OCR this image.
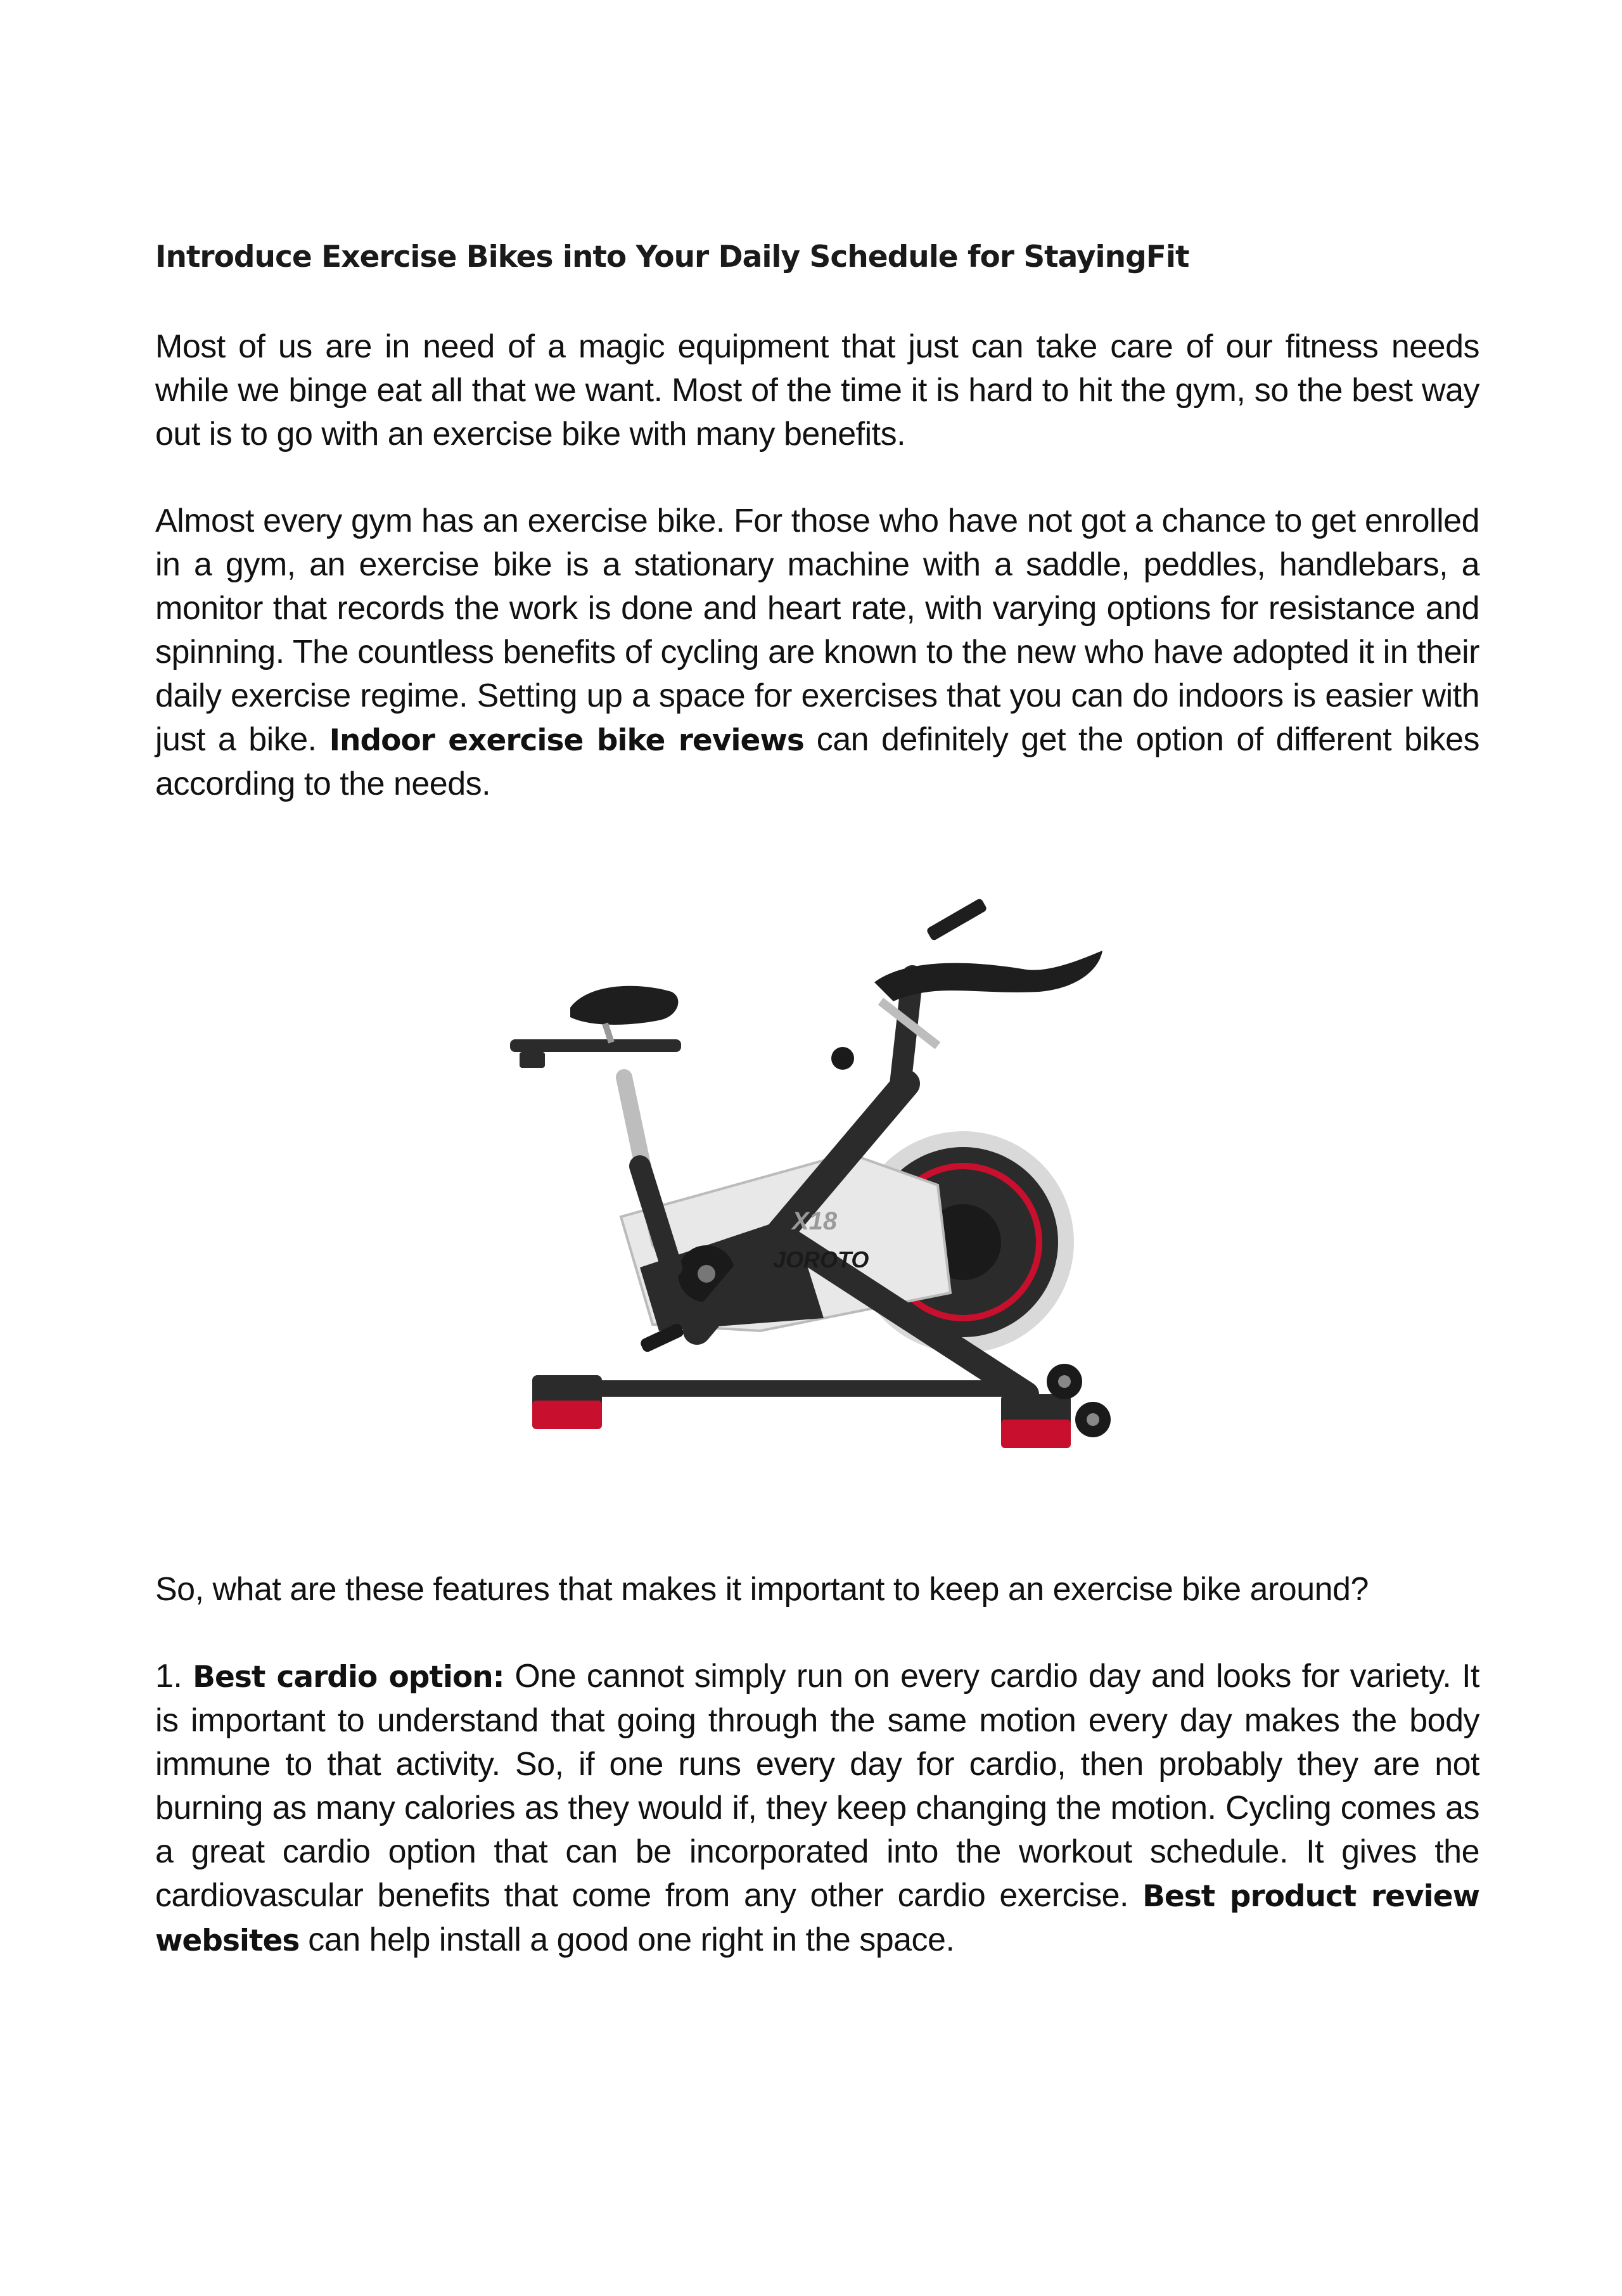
Introduce Exercise Bikes into Your Daily Schedule for StayingFit

Most of us are in need of a magic equipment that just can take care of our fitness needs while we binge eat all that we want. Most of the time it is hard to hit the gym, so the best way out is to go with an exercise bike with many benefits.

Almost every gym has an exercise bike. For those who have not got a chance to get enrolled in a gym, an exercise bike is a stationary machine with a saddle, peddles, handlebars, a monitor that records the work is done and heart rate, with varying options for resistance and spinning. The countless benefits of cycling are known to the new who have adopted it in their daily exercise regime. Setting up a space for exercises that you can do indoors is easier with just a bike. Indoor exercise bike reviews can definitely get the option of different bikes according to the needs.

JOROTO
X18

So, what are these features that makes it important to keep an exercise bike around?

1. Best cardio option: One cannot simply run on every cardio day and looks for variety. It is important to understand that going through the same motion every day makes the body immune to that activity. So, if one runs every day for cardio, then probably they are not burning as many calories as they would if, they keep changing the motion. Cycling comes as a great cardio option that can be incorporated into the workout schedule. It gives the cardiovascular benefits that come from any other cardio exercise. Best product review websites can help install a good one right in the space.
